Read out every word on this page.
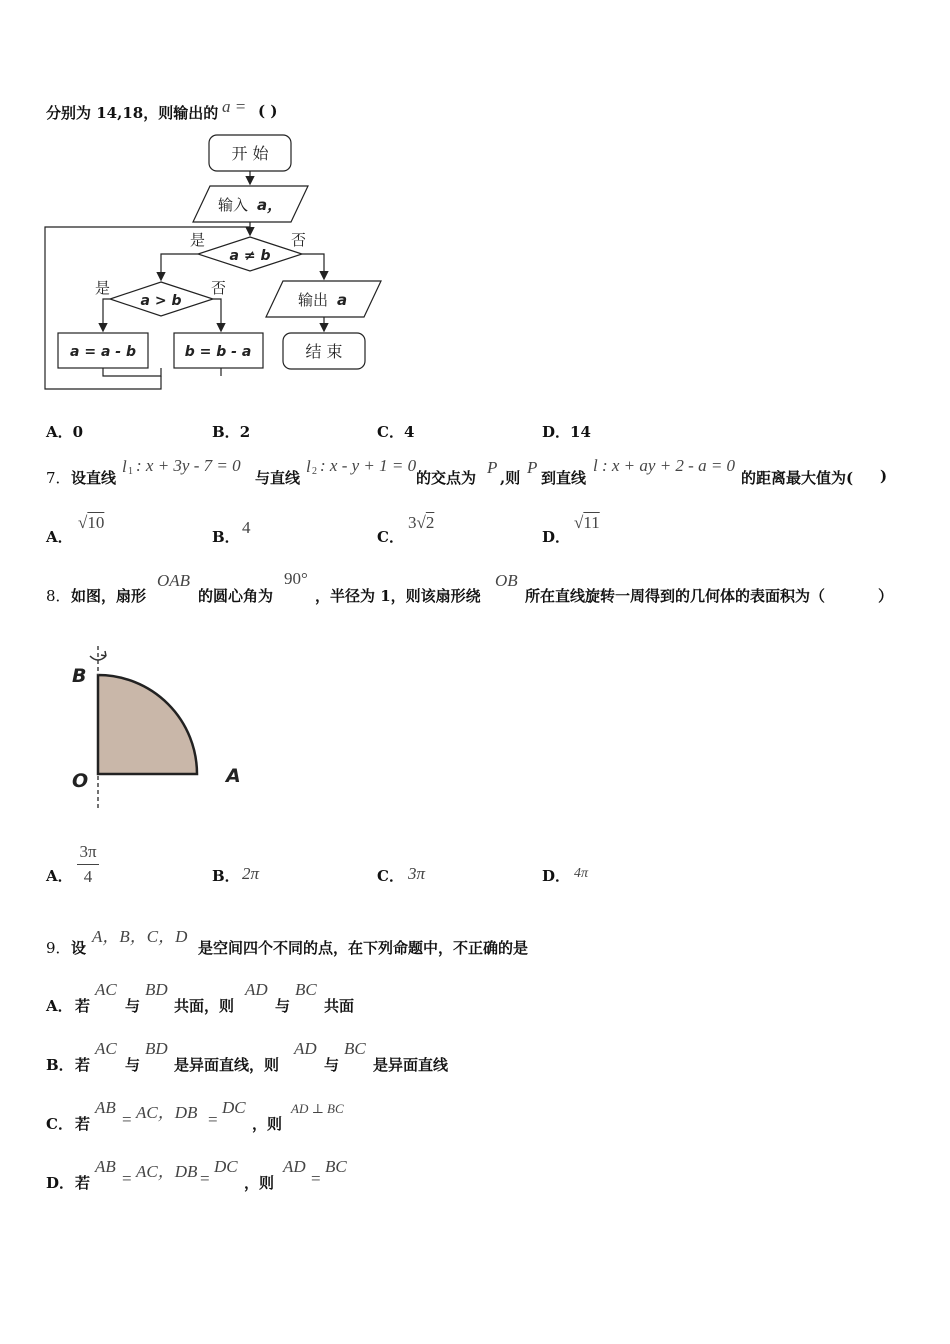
分别为 14,18，则输出的 a = ( )
开 始
输入 a，
a ≠ b
是	否
a > b
是	否
a = a - b	b = b - a
输出 a
结 束
A．0	B．2	C．4	D．14
7． 设直线
l 1 : x + 3y - 7 = 0
与直线
l 2 : x - y + 1 = 0
的交点为
P
,则
P
到直线
l : x + ay + 2 - a = 0
的距离最大值为( )
A．
√10
B． 4	C．
3√2
D．
√11
8． 如图，扇形
OAB
的圆心角为
90°
，半径为 1，则该扇形绕
OB
所在直线旋转一周得到的几何体的表面积为（	）
B
O	A
A．
3π
4	B． 2π	C． 3π	D． 4π
9． 设
A，B，C，D
是空间四个不同的点，在下列命题中，不正确的是
A． 若
AC
与
BD
共面，则
AD
与
BC
共面
B． 若
AC
与
BD
是异面直线，则
AD
与
BC
是异面直线
C． 若
AB
= AC，DB =
DC
，则
AD ⊥ BC
D． 若
AB
= AC，DB =
DC
，则
AD
=
BC
